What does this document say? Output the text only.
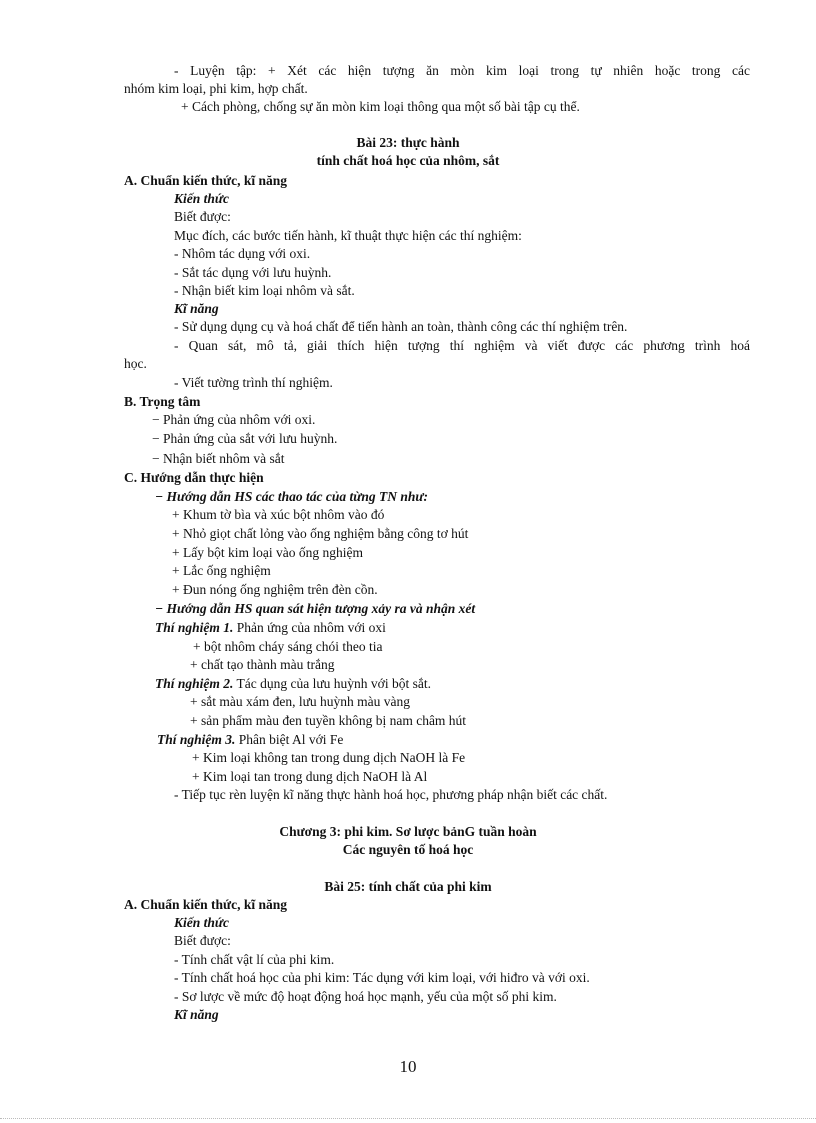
- Luyện tập: + Xét các hiện tượng ăn mòn kim loại trong tự nhiên hoặc trong các
nhóm kim loại, phi kim, hợp chất.
+ Cách phòng, chống sự ăn mòn kim loại thông qua một số bài tập cụ thể.
Bài 23: thực hành
tính chất hoá học của nhôm, sắt
A. Chuẩn kiến thức, kĩ năng
Kiến thức
Biết được:
Mục đích, các bước tiến hành, kĩ thuật thực hiện các thí nghiệm:
- Nhôm tác dụng với oxi.
- Sắt tác dụng với lưu huỳnh.
- Nhận biết kim loại nhôm và sắt.
Kĩ năng
- Sử dụng dụng cụ và hoá chất để tiến hành an toàn, thành công các thí nghiệm trên.
- Quan sát, mô tả, giải thích hiện tượng thí nghiệm và viết được các phương trình hoá
học.
- Viết tường trình thí nghiệm.
B. Trọng tâm
− Phản ứng của nhôm với oxi.
− Phản ứng của sắt với lưu huỳnh.
− Nhận biết nhôm và sắt
C. Hướng dẫn thực hiện
− Hướng dẫn HS các thao tác của từng TN như:
+ Khum tờ bìa và xúc bột nhôm vào đó
+ Nhỏ giọt chất lỏng vào ống nghiệm bằng công tơ hút
+ Lấy bột kim loại vào ống nghiệm
+ Lắc ống nghiệm
+ Đun nóng ống nghiệm trên đèn cồn.
− Hướng dẫn HS quan sát hiện tượng xảy ra và nhận xét
Thí nghiệm 1. Phản ứng của nhôm với oxi
+ bột nhôm cháy sáng chói theo tia
+ chất tạo thành màu trắng
Thí nghiệm 2. Tác dụng của lưu huỳnh với bột sắt.
+ sắt màu xám đen, lưu huỳnh màu vàng
+ sản phẩm màu đen tuyền không bị nam châm hút
Thí nghiệm 3. Phân biệt Al với Fe
+ Kim loại không tan trong dung dịch NaOH là Fe
+ Kim loại tan trong dung dịch NaOH là Al
- Tiếp tục rèn luyện kĩ năng thực hành hoá học, phương pháp nhận biết các chất.
Chương 3: phi kim. Sơ lược bảnG tuần hoàn
Các nguyên tố hoá học
Bài 25: tính chất của phi kim
A. Chuẩn kiến thức, kĩ năng
Kiến thức
Biết được:
- Tính chất vật lí của phi kim.
- Tính chất hoá học của phi kim: Tác dụng với kim loại, với hiđro và với oxi.
- Sơ lược về mức độ hoạt động hoá học mạnh, yếu của một số phi kim.
Kĩ năng
10
